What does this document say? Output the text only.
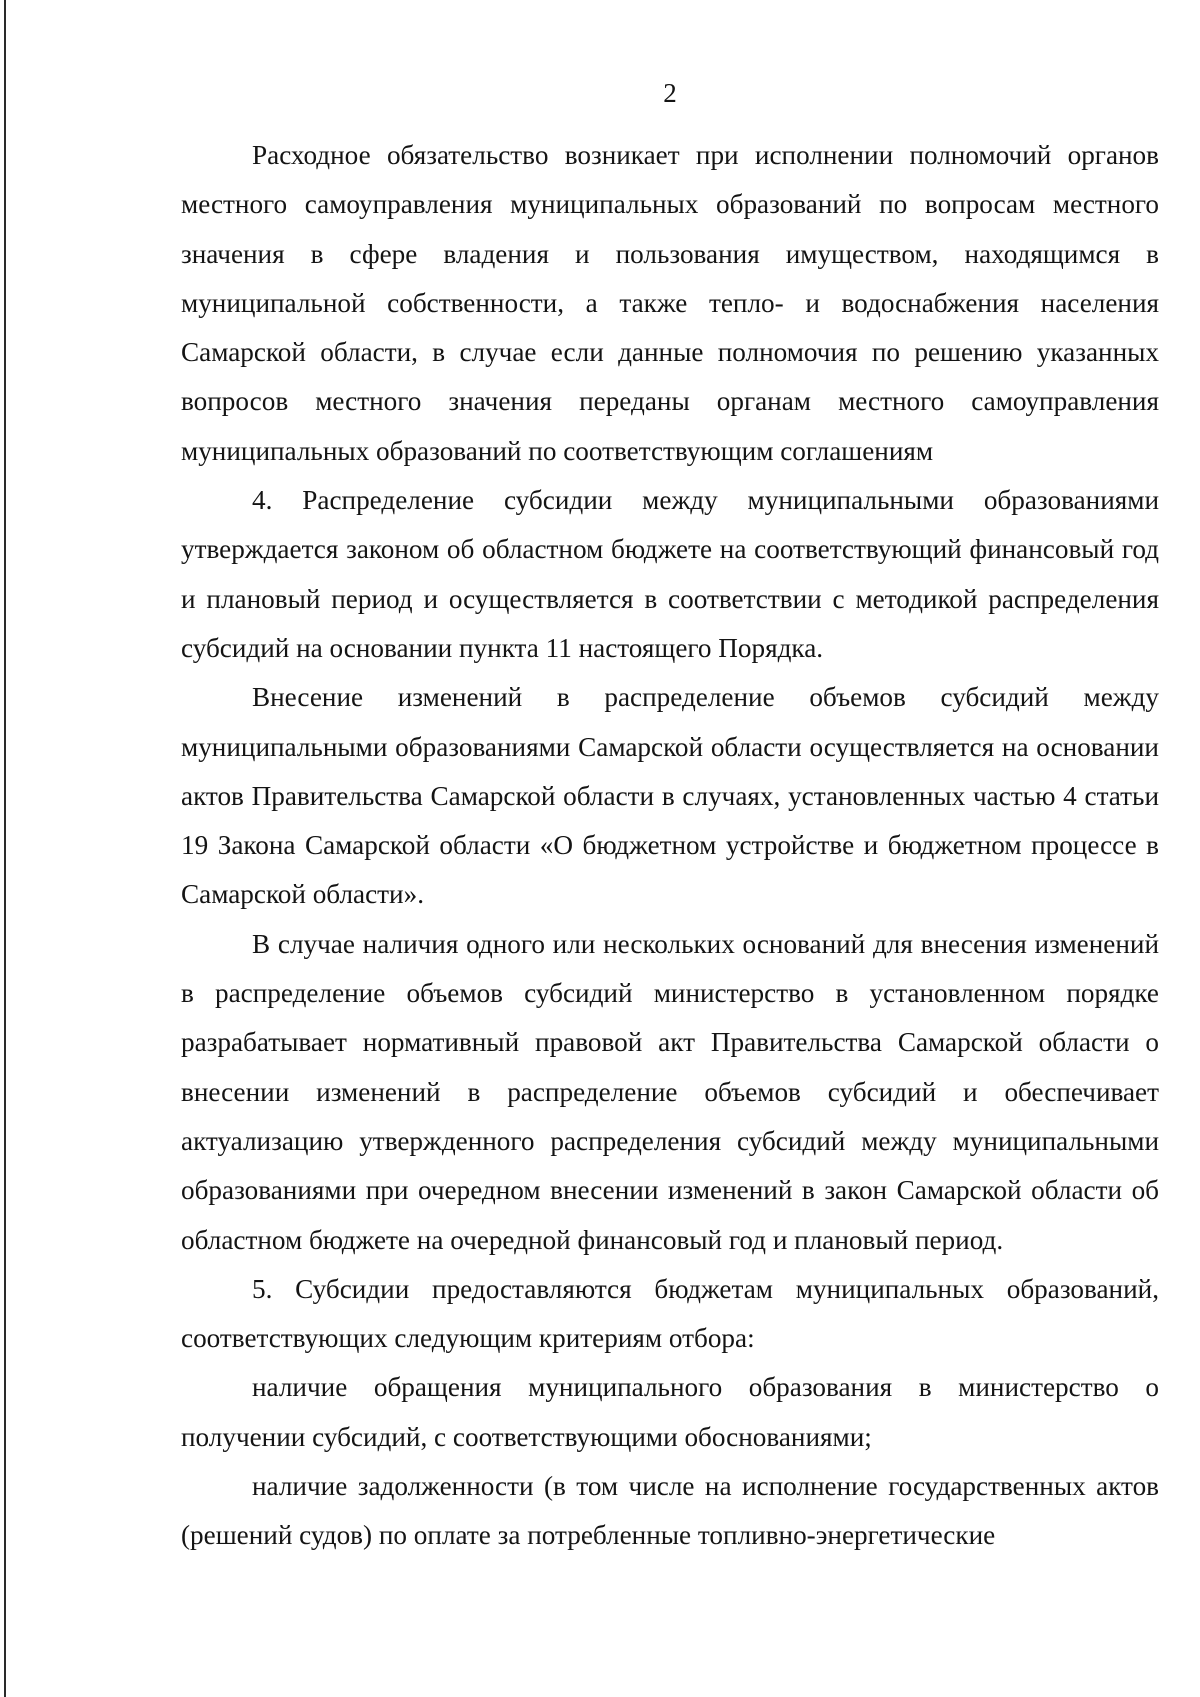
2

Расходное обязательство возникает при исполнении полномочий органов местного самоуправления муниципальных образований по вопросам местного значения в сфере владения и пользования имуществом, находящимся в муниципальной собственности, а также тепло- и водоснабжения населения Самарской области, в случае если данные полномочия по решению указанных вопросов местного значения переданы органам местного самоуправления муниципальных образований по соответствующим соглашениям

4. Распределение субсидии между муниципальными образованиями утверждается законом об областном бюджете на соответствующий финансовый год и плановый период и осуществляется в соответствии с методикой распределения субсидий на основании пункта 11 настоящего Порядка.

Внесение изменений в распределение объемов субсидий между муниципальными образованиями Самарской области осуществляется на основании актов Правительства Самарской области в случаях, установленных частью 4 статьи 19 Закона Самарской области «О бюджетном устройстве и бюджетном процессе в Самарской области».

В случае наличия одного или нескольких оснований для внесения изменений в распределение объемов субсидий министерство в установленном порядке разрабатывает нормативный правовой акт Правительства Самарской области о внесении изменений в распределение объемов субсидий и обеспечивает актуализацию утвержденного распределения субсидий между муниципальными образованиями при очередном внесении изменений в закон Самарской области об областном бюджете на очередной финансовый год и плановый период.

5. Субсидии предоставляются бюджетам муниципальных образований, соответствующих следующим критериям отбора:

наличие обращения муниципального образования в министерство о получении субсидий, с соответствующими обоснованиями;

наличие задолженности (в том числе на исполнение государственных актов (решений судов) по оплате за потребленные топливно-энергетические
